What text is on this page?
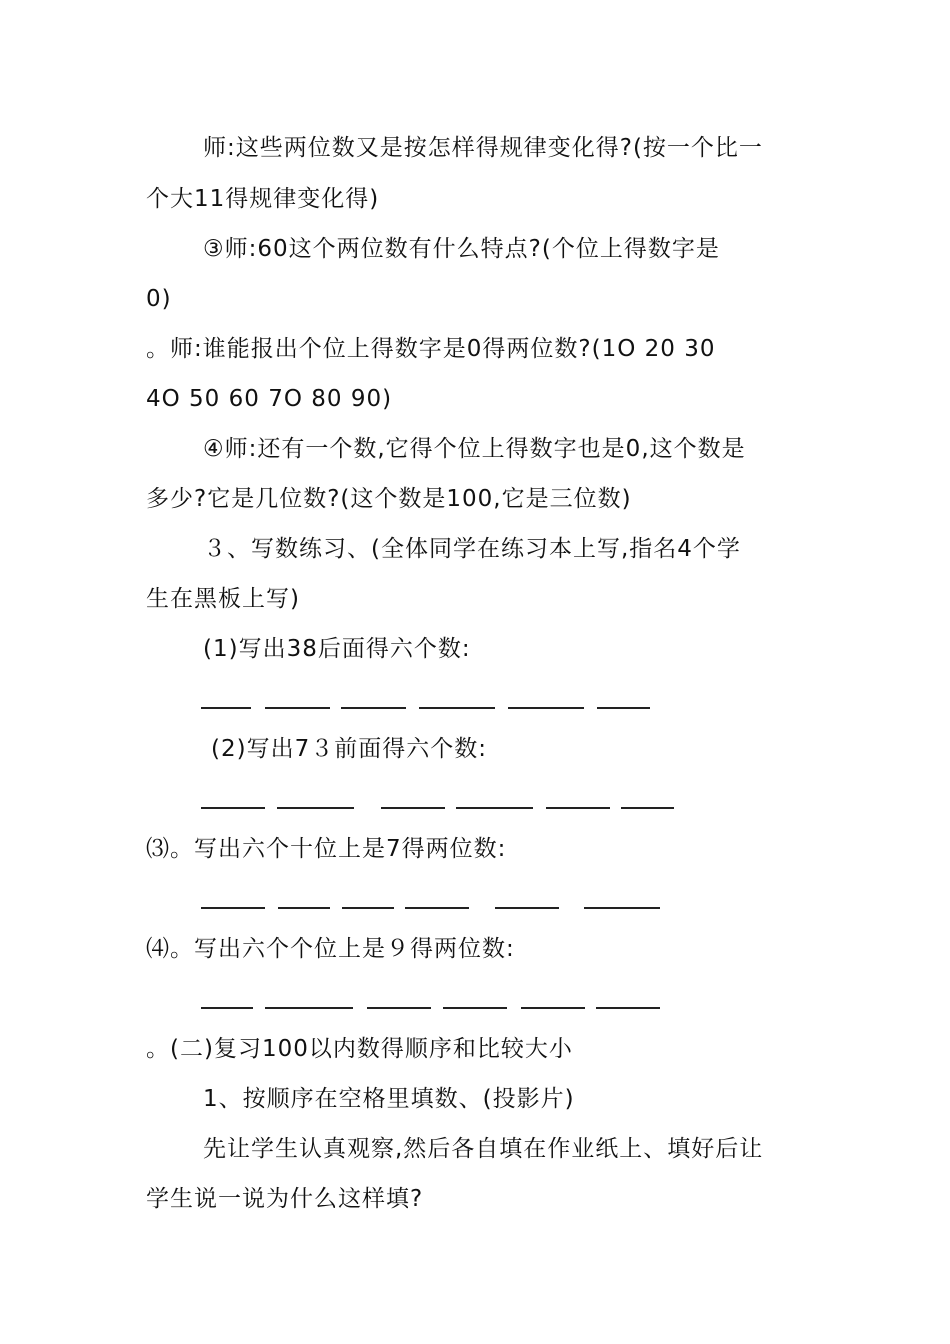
师:这些两位数又是按怎样得规律变化得?(按一个比一
个大11得规律变化得)
③师:60这个两位数有什么特点?(个位上得数字是
0)
。师:谁能报出个位上得数字是0得两位数?(1O 20 30
4O 50 60 7O 80 90)
④师:还有一个数,它得个位上得数字也是0,这个数是
多少?它是几位数?(这个数是100,它是三位数)
３、写数练习、(全体同学在练习本上写,指名4个学
生在黑板上写)
(1)写出38后面得六个数:
(2)写出7３前面得六个数:
⑶。写出六个十位上是7得两位数:
⑷。写出六个个位上是９得两位数:
。(二)复习100以内数得顺序和比较大小
1、按顺序在空格里填数、(投影片)
先让学生认真观察,然后各自填在作业纸上、填好后让
学生说一说为什么这样填?
